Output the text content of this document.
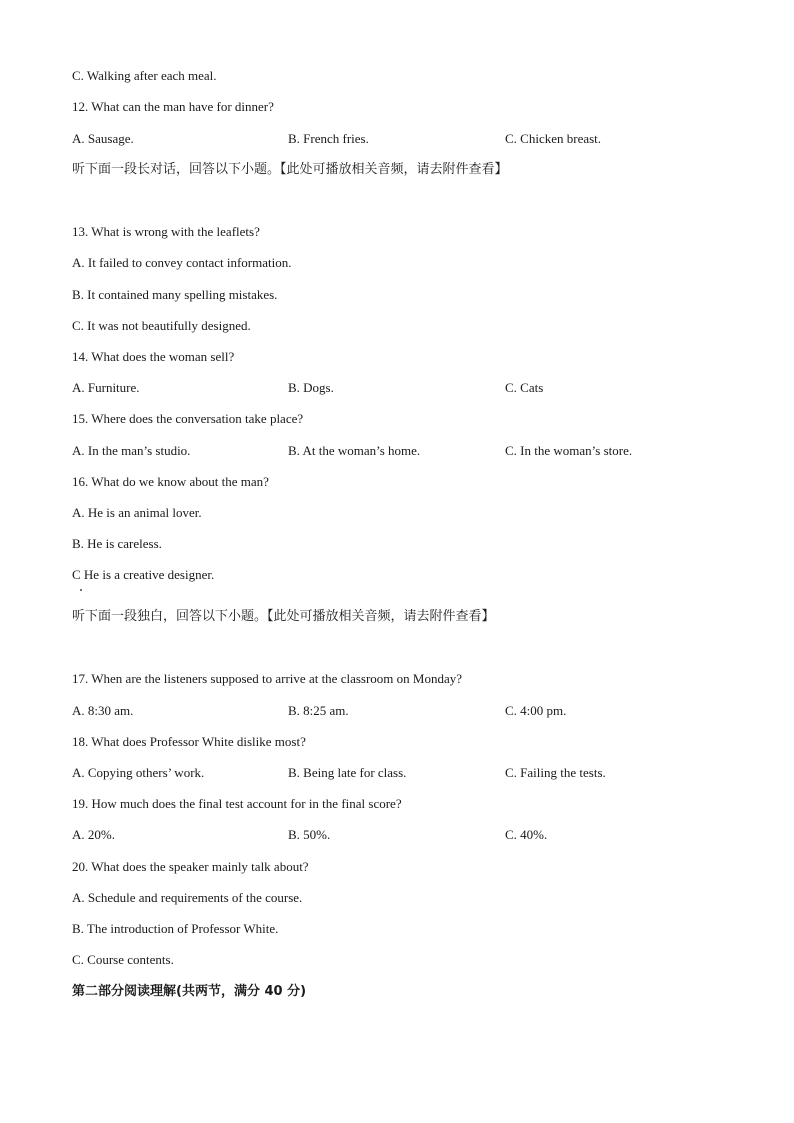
C. Walking after each meal.
12. What can the man have for dinner?
A. Sausage.	B. French fries.	C. Chicken breast.
听下面一段长对话，回答以下小题。【此处可播放相关音频，请去附件查看】
13. What is wrong with the leaflets?
A. It failed to convey contact information.
B. It contained many spelling mistakes.
C. It was not beautifully designed.
14. What does the woman sell?
A. Furniture.	B. Dogs.	C. Cats
15. Where does the conversation take place?
A. In the man’s studio.	B. At the woman’s home.	C. In the woman’s store.
16. What do we know about the man?
A. He is an animal lover.
B. He is careless.
C He is a creative designer.
听下面一段独白，回答以下小题。【此处可播放相关音频，请去附件查看】
17. When are the listeners supposed to arrive at the classroom on Monday?
A. 8:30 am.	B. 8:25 am.	C. 4:00 pm.
18. What does Professor White dislike most?
A. Copying others’ work.	B. Being late for class.	C. Failing the tests.
19. How much does the final test account for in the final score?
A. 20%.	B. 50%.	C. 40%.
20. What does the speaker mainly talk about?
A. Schedule and requirements of the course.
B. The introduction of Professor White.
C. Course contents.
第二部分阅读理解(共两节，满分 40 分)
